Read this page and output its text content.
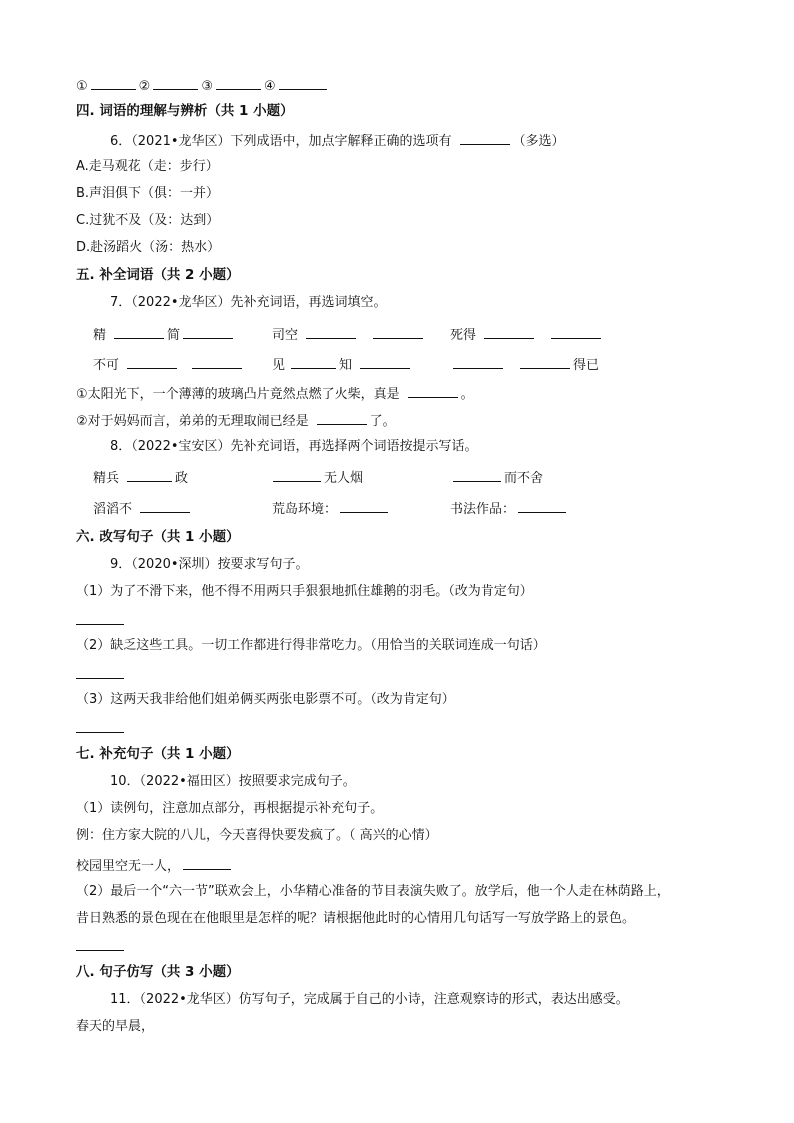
①	②	③	④
四. 词语的理解与辨析（共 1 小题）
6．（2021•龙华区）下列成语中，加点字解释正确的选项有	（多选）
A.走马观花（走：步行）
B.声泪俱下（俱：一并）
C.过犹不及（及：达到）
D.赴汤蹈火（汤：热水）
五. 补全词语（共 2 小题）
7．（2022•龙华区）先补充词语，再选词填空。
精	简	司空	死得
不可	见	知	得已
①太阳光下，一个薄薄的玻璃凸片竟然点燃了火柴，真是	。
②对于妈妈而言，弟弟的无理取闹已经是	了。
8．（2022•宝安区）先补充词语，再选择两个词语按提示写话。
精兵	政	无人烟	而不舍
滔滔不	荒岛环境：	书法作品：
六. 改写句子（共 1 小题）
9．（2020•深圳）按要求写句子。
（1）为了不滑下来，他不得不用两只手狠狠地抓住雄鹅的羽毛。（改为肯定句）
（2）缺乏这些工具。一切工作都进行得非常吃力。（用恰当的关联词连成一句话）
（3）这两天我非给他们姐弟俩买两张电影票不可。（改为肯定句）
七. 补充句子（共 1 小题）
10．（2022•福田区）按照要求完成句子。
（1）读例句，注意加点部分，再根据提示补充句子。
例：住方家大院的八儿，今天喜得快要发疯了。（ 高兴的心情）
校园里空无一人，
（2）最后一个“六一节”联欢会上，小华精心准备的节目表演失败了。放学后，他一个人走在林荫路上，
昔日熟悉的景色现在在他眼里是怎样的呢？请根据他此时的心情用几句话写一写放学路上的景色。
八. 句子仿写（共 3 小题）
11．（2022•龙华区）仿写句子，完成属于自己的小诗，注意观察诗的形式，表达出感受。
春天的早晨，
